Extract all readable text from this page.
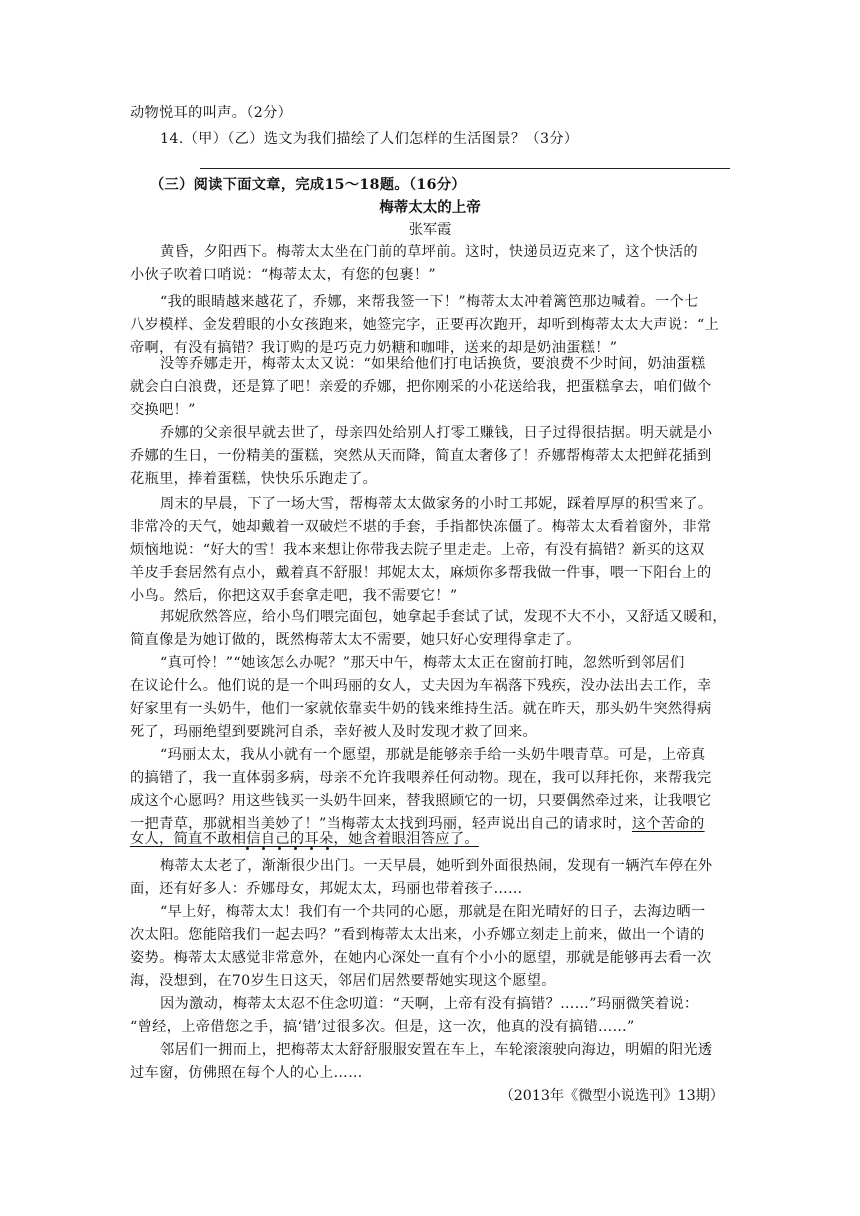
动物悦耳的叫声。（2分）
14.（甲）（乙）选文为我们描绘了人们怎样的生活图景？（3分）
（三）阅读下面文章，完成15～18题。（16分）
梅蒂太太的上帝
张军霞
黄昏，夕阳西下。梅蒂太太坐在门前的草坪前。这时，快递员迈克来了，这个快活的
小伙子吹着口哨说：“梅蒂太太，有您的包裹！”
“我的眼睛越来越花了，乔娜，来帮我签一下！”梅蒂太太冲着篱笆那边喊着。一个七
八岁模样、金发碧眼的小女孩跑来，她签完字，正要再次跑开，却听到梅蒂太太大声说：“上
帝啊，有没有搞错？我订购的是巧克力奶糖和咖啡，送来的却是奶油蛋糕！”
没等乔娜走开，梅蒂太太又说：“如果给他们打电话换货，要浪费不少时间，奶油蛋糕
就会白白浪费，还是算了吧！亲爱的乔娜，把你刚采的小花送给我，把蛋糕拿去，咱们做个
交换吧！”
乔娜的父亲很早就去世了，母亲四处给别人打零工赚钱，日子过得很拮据。明天就是小
乔娜的生日，一份精美的蛋糕，突然从天而降，简直太奢侈了！乔娜帮梅蒂太太把鲜花插到
花瓶里，捧着蛋糕，快快乐乐跑走了。
周末的早晨，下了一场大雪，帮梅蒂太太做家务的小时工邦妮，踩着厚厚的积雪来了。
非常冷的天气，她却戴着一双破烂不堪的手套，手指都快冻僵了。梅蒂太太看着窗外，非常
烦恼地说：“好大的雪！我本来想让你带我去院子里走走。上帝，有没有搞错？新买的这双
羊皮手套居然有点小，戴着真不舒服！邦妮太太，麻烦你多帮我做一件事，喂一下阳台上的
小鸟。然后，你把这双手套拿走吧，我不需要它！”
邦妮欣然答应，给小鸟们喂完面包，她拿起手套试了试，发现不大不小，又舒适又暖和，
简直像是为她订做的，既然梅蒂太太不需要，她只好心安理得拿走了。
“真可怜！”“她该怎么办呢？”那天中午，梅蒂太太正在窗前打盹，忽然听到邻居们
在议论什么。他们说的是一个叫玛丽的女人，丈夫因为车祸落下残疾，没办法出去工作，幸
好家里有一头奶牛，他们一家就依靠卖牛奶的钱来维持生活。就在昨天，那头奶牛突然得病
死了，玛丽绝望到要跳河自杀，幸好被人及时发现才救了回来。
“玛丽太太，我从小就有一个愿望，那就是能够亲手给一头奶牛喂青草。可是，上帝真
的搞错了，我一直体弱多病，母亲不允许我喂养任何动物。现在，我可以拜托你，来帮我完
成这个心愿吗？用这些钱买一头奶牛回来，替我照顾它的一切，只要偶然牵过来，让我喂它
一把青草，那就相当美妙了！”当梅蒂太太找到玛丽，轻声说出自己的请求时，这个苦命的
女人，简直不敢相信自己的耳朵，她含着眼泪答应了。
梅蒂太太老了，渐渐很少出门。一天早晨，她听到外面很热闹，发现有一辆汽车停在外
面，还有好多人：乔娜母女，邦妮太太，玛丽也带着孩子……
“早上好，梅蒂太太！我们有一个共同的心愿，那就是在阳光晴好的日子，去海边晒一
次太阳。您能陪我们一起去吗？”看到梅蒂太太出来，小乔娜立刻走上前来，做出一个请的
姿势。梅蒂太太感觉非常意外，在她内心深处一直有个小小的愿望，那就是能够再去看一次
海，没想到，在70岁生日这天，邻居们居然要帮她实现这个愿望。
因为激动，梅蒂太太忍不住念叨道：“天啊，上帝有没有搞错？……”玛丽微笑着说：
“曾经，上帝借您之手，搞‘错’过很多次。但是，这一次，他真的没有搞错……”
邻居们一拥而上，把梅蒂太太舒舒服服安置在车上，车轮滚滚驶向海边，明媚的阳光透
过车窗，仿佛照在每个人的心上……
（2013年《微型小说选刊》13期）
